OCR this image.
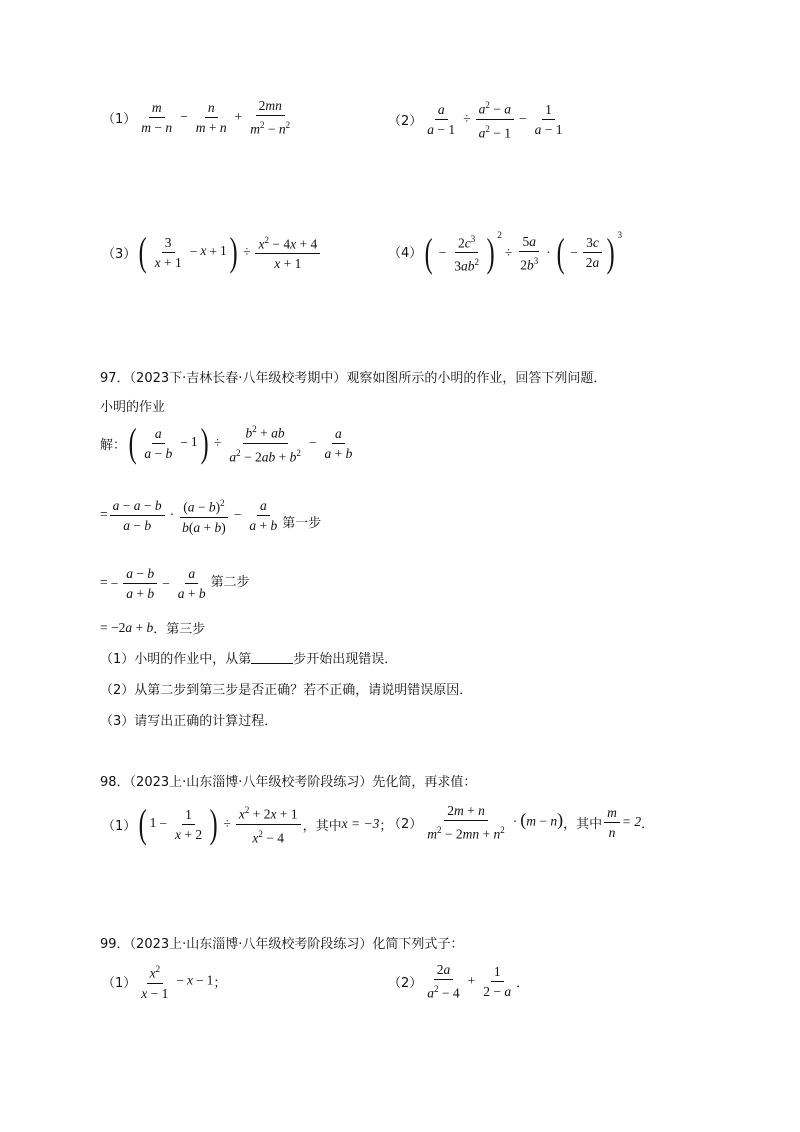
$(1) \frac{m}{m - n} - \frac{n}{m + n} + \frac{2mn}{m^2 - n^2}$	$(2) \frac{a}{a - 1} \div \frac{a^2 - a}{a^2 - 1} - \frac{1}{a - 1}$
（3） ( $\frac{3}{x + 1} - x + 1) \div \frac{x^2 - 4x + 4}{x + 1}$	（4） ( − $\frac{2c^3}{3ab^2}$ ) $^2\div \frac{5a}{2b^3}$ · ( − $\frac{3c}{2a}$ ) $^3$
97．（2023下·吉林长春·八年级校考期中）观察如图所示的小明的作业，回答下列问题．
小明的作业
解： ( $\frac{a}{a - b} - 1) \div \frac{b^2 + ab}{a^2 - 2ab + b^2} - \frac{a}{a + b}$
= $\frac{a - a - b}{a - b} \cdot \frac{(a - b)^2}{b(a + b)} - \frac{a}{a + b}$ 第一步
= − $\frac{a - b}{a + b} - \frac{a}{a + b}$ 第二步
= −2a + b ．第三步
（1）小明的作业中，从第	步开始出现错误．
（2）从第二步到第三步是否正确？若不正确，请说明错误原因．
（3）请写出正确的计算过程．
98．（2023上·山东淄博·八年级校考阶段练习）先化简，再求值：
（1） ( $1 - \frac{1}{x + 2}$ ) ÷ $\frac{x^2 + 2x + 1}{x^2 - 4}$ ，其中 x = −3 ；
$(2) \frac{2m + n}{m^2 - 2mn + n^2} \cdot (m - n)$ ，其中 $\frac{m}{n} = 2$ ．
99．（2023上·山东淄博·八年级校考阶段练习）化简下列式子：
$(1) \frac{x^2}{x - 1} - x - 1$ ；	$(2) \frac{2a}{a^2 - 4} + \frac{1}{2 - a}$ ．
